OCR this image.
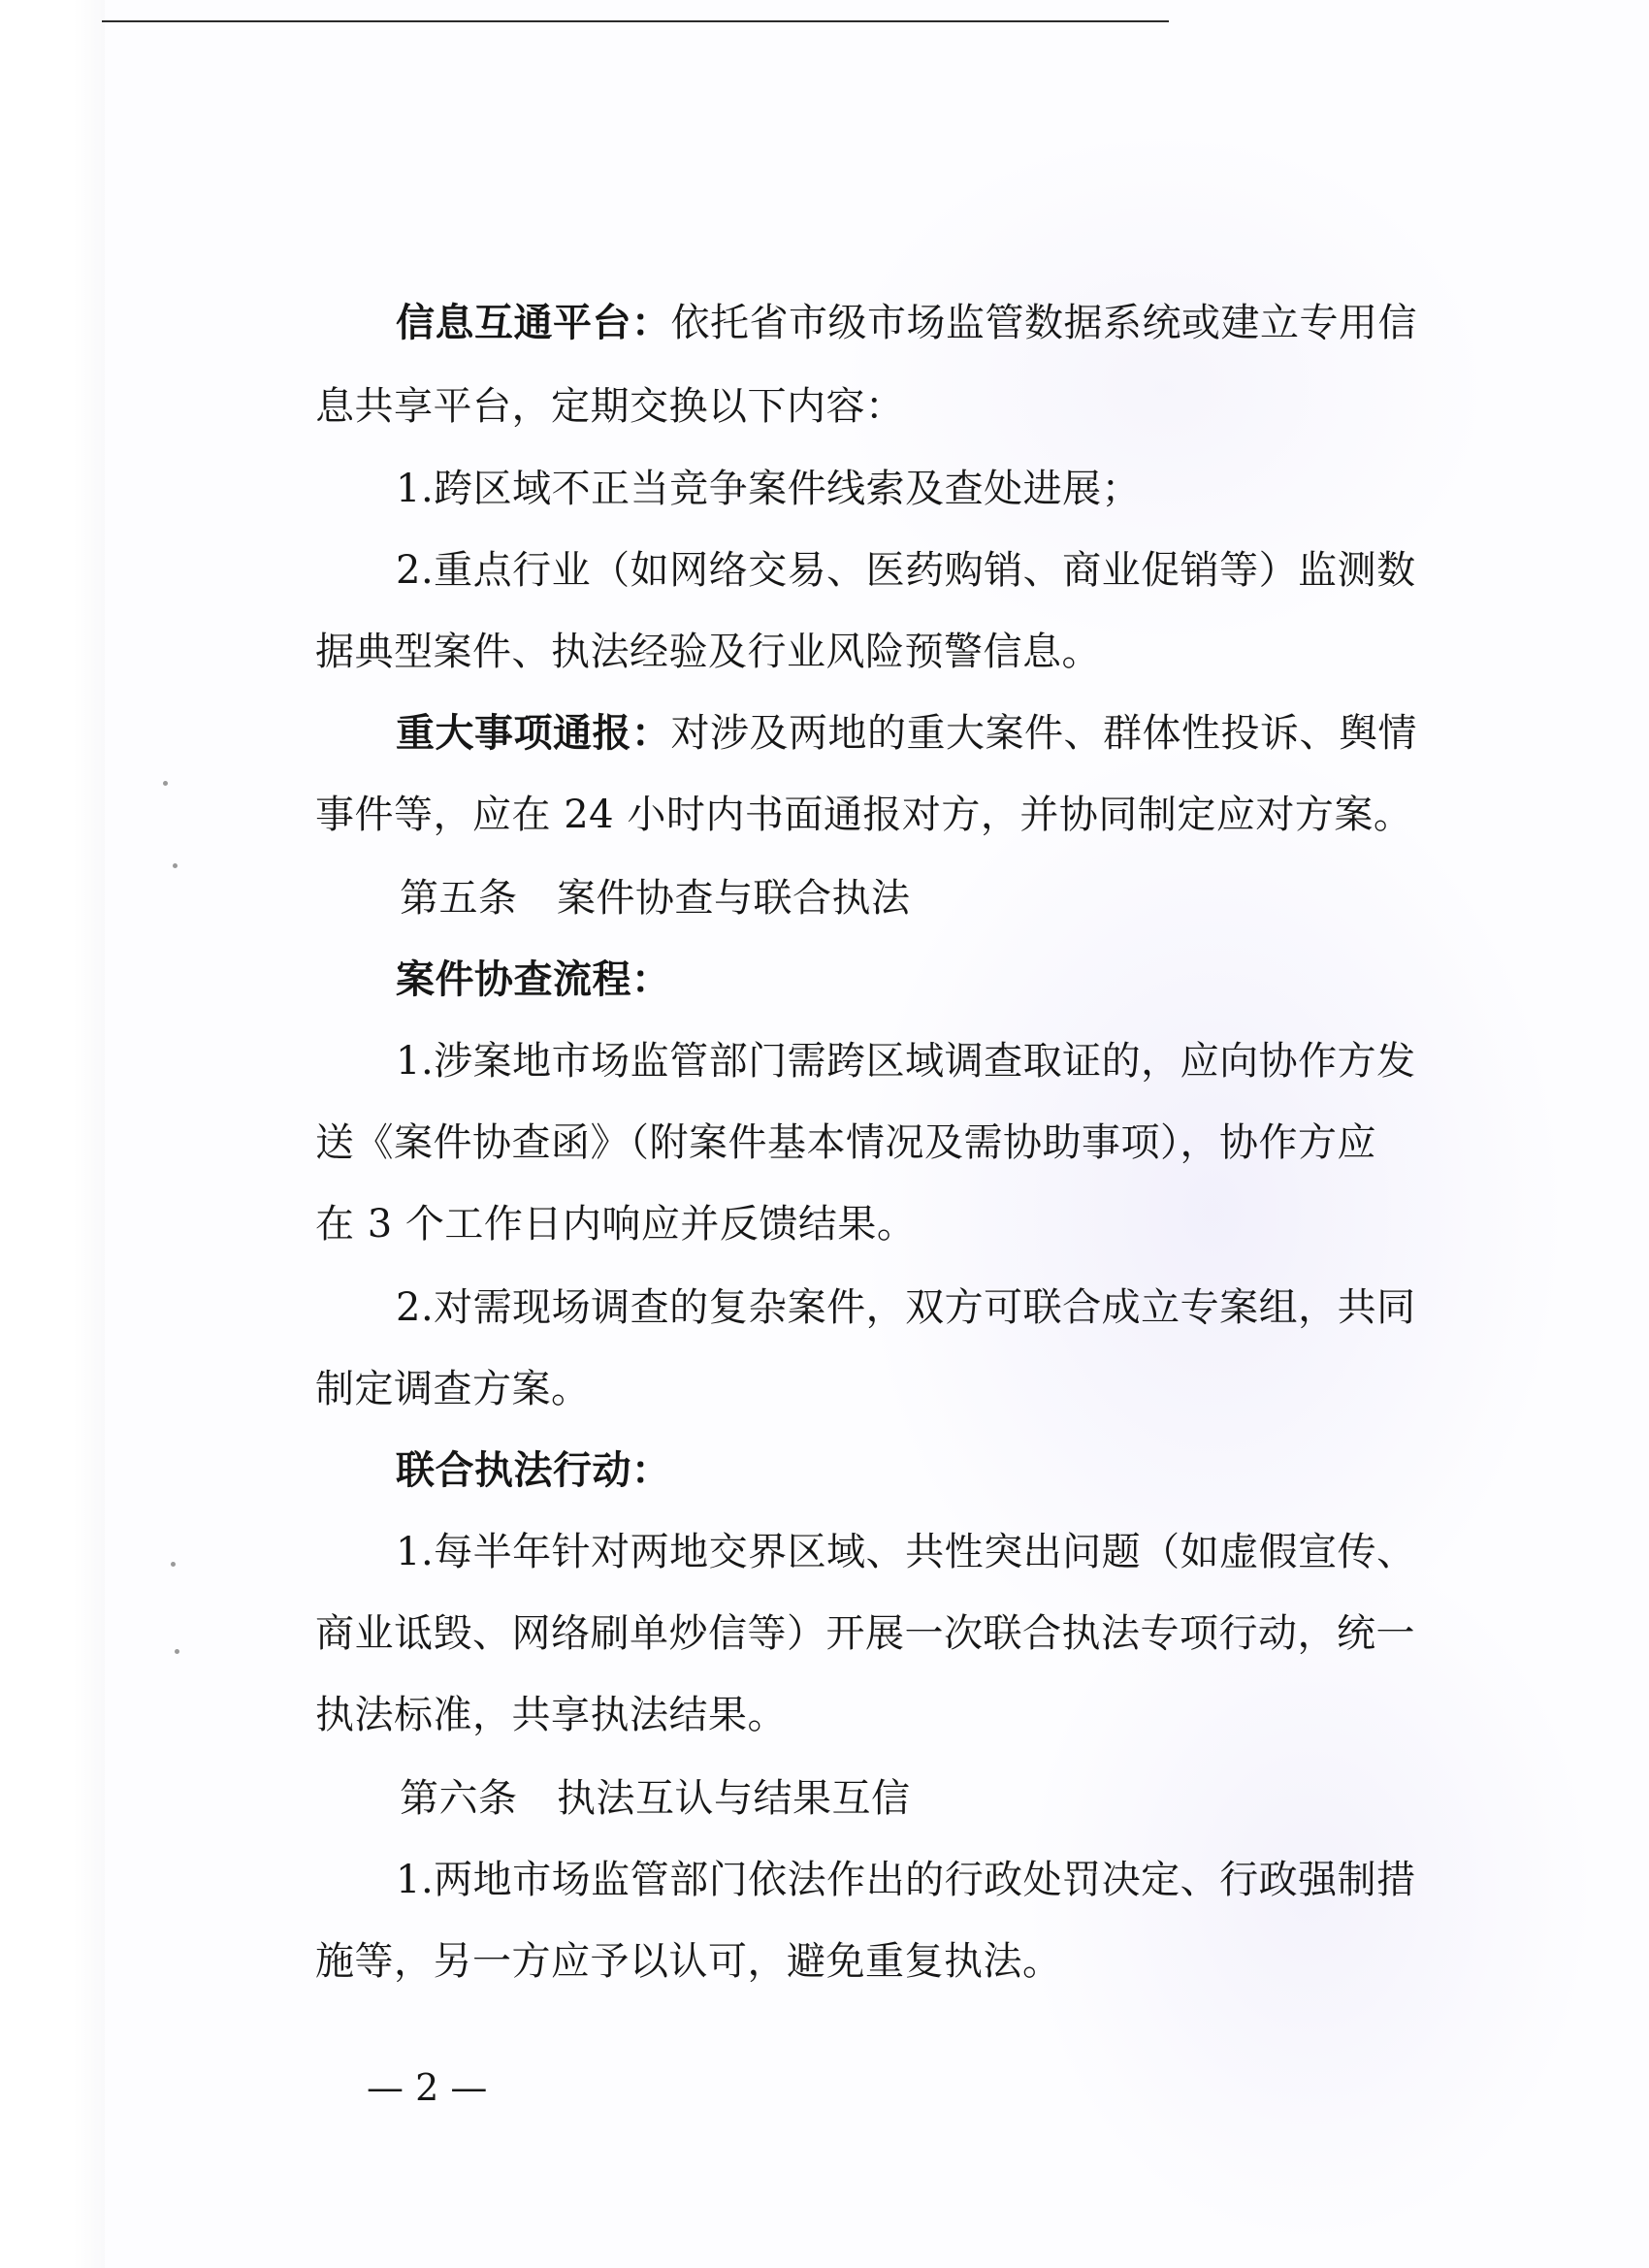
信息互通平台：依托省市级市场监管数据系统或建立专用信
息共享平台，定期交换以下内容：
1.跨区域不正当竞争案件线索及查处进展；
2.重点行业（如网络交易、医药购销、商业促销等）监测数
据典型案件、执法经验及行业风险预警信息。
重大事项通报：对涉及两地的重大案件、群体性投诉、舆情
事件等，应在 24 小时内书面通报对方，并协同制定应对方案。
第五条　案件协查与联合执法
案件协查流程：
1.涉案地市场监管部门需跨区域调查取证的，应向协作方发
送《案件协查函》（附案件基本情况及需协助事项），协作方应
在 3 个工作日内响应并反馈结果。
2.对需现场调查的复杂案件，双方可联合成立专案组，共同
制定调查方案。
联合执法行动：
1.每半年针对两地交界区域、共性突出问题（如虚假宣传、
商业诋毁、网络刷单炒信等）开展一次联合执法专项行动，统一
执法标准，共享执法结果。
第六条　执法互认与结果互信
1.两地市场监管部门依法作出的行政处罚决定、行政强制措
施等，另一方应予以认可，避免重复执法。
— 2 —
